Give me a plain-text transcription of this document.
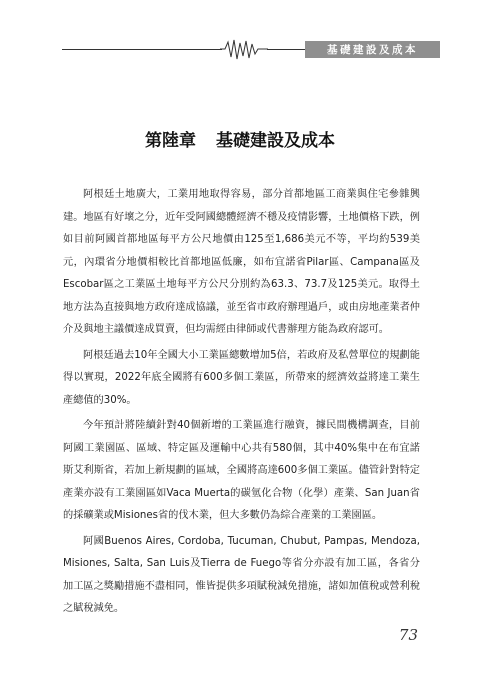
基礎建設及成本
第陸章 基礎建設及成本

阿根廷土地廣大，工業用地取得容易，部分首都地區工商業與住宅參雜興建。地區有好壞之分，近年受阿國總體經濟不穩及疫情影響，土地價格下跌，例如目前阿國首都地區每平方公尺地價由125至1,686美元不等，平均約539美元，內環省分地價相較比首都地區低廉，如布宜諾省Pilar區、Campana區及Escobar區之工業區土地每平方公尺分別約為63.3、73.7及125美元。取得土地方法為直接與地方政府達成協議，並至省市政府辦理過戶，或由房地產業者仲介及與地主議價達成買賣，但均需經由律師或代書辦理方能為政府認可。

阿根廷過去10年全國大小工業區總數增加5倍，若政府及私營單位的規劃能得以實現，2022年底全國將有600多個工業區，所帶來的經濟效益將達工業生產總值的30%。

今年預計將陸續針對40個新增的工業區進行融資，據民間機構調查，目前阿國工業園區、區域、特定區及運輸中心共有580個，其中40%集中在布宜諾斯艾利斯省，若加上新規劃的區域，全國將高達600多個工業區。儘管針對特定產業亦設有工業園區如Vaca Muerta的碳氫化合物（化學）產業、San Juan省的採礦業或Misiones省的伐木業，但大多數仍為綜合產業的工業園區。

阿國Buenos Aires, Cordoba, Tucuman, Chubut, Pampas, Mendoza, Misiones, Salta, San Luis及Tierra de Fuego等省分亦設有加工區，各省分加工區之獎勵措施不盡相同，惟皆提供多項賦稅減免措施，諸如加值稅或營利稅之賦稅減免。

73
